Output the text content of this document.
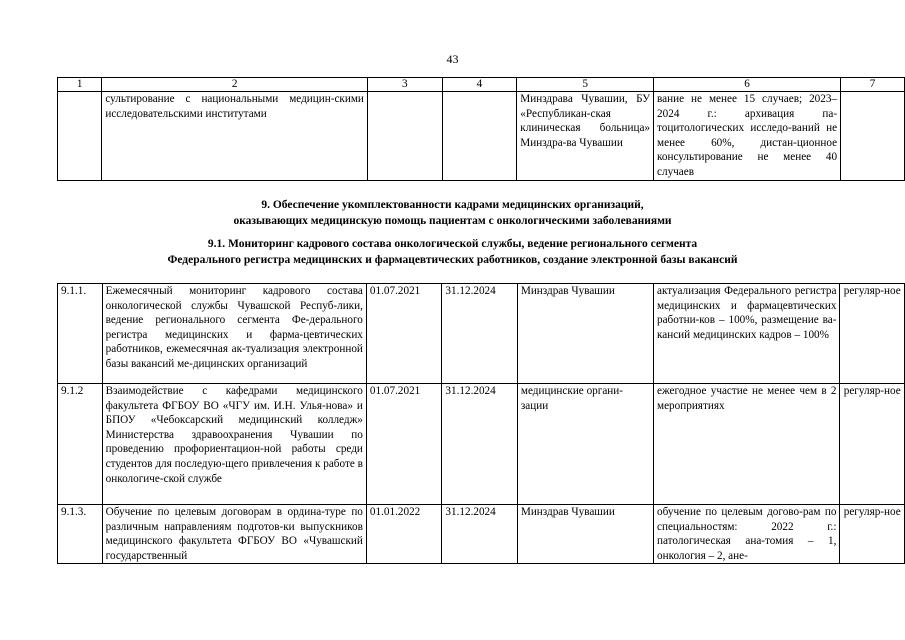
43
1	2	3	4	5	6	7
	сультирование с национальными медицин-скими исследовательскими институтами			Минздрава Чувашии, БУ «Республикан-ская клиническая больница» Минздра-ва Чувашии	вание не менее 15 случаев; 2023–2024 г.: архивация па-тоцитологических исследо-ваний не менее 60%, дистан-ционное консультирование не менее 40 случаев	
9. Обеспечение укомплектованности кадрами медицинских организаций,
оказывающих медицинскую помощь пациентам с онкологическими заболеваниями
9.1. Мониторинг кадрового состава онкологической службы, ведение регионального сегмента
Федерального регистра медицинских и фармацевтических работников, создание электронной базы вакансий
9.1.1.	Ежемесячный мониторинг кадрового состава онкологической службы Чувашской Респуб-лики, ведение регионального сегмента Фе-дерального регистра медицинских и фарма-цевтических работников, ежемесячная ак-туализация электронной базы вакансий ме-дицинских организаций	01.07.2021	31.12.2024	Минздрав Чувашии	актуализация Федерального регистра медицинских и фармацевтических работни-ков – 100%, размещение ва-кансий медицинских кадров – 100%	регуляр-ное
9.1.2	Взаимодействие с кафедрами медицинского факультета ФГБОУ ВО «ЧГУ им. И.Н. Улья-нова» и БПОУ «Чебоксарский медицинский колледж» Министерства здравоохранения Чувашии по проведению профориентацион-ной работы среди студентов для последую-щего привлечения к работе в онкологиче-ской службе	01.07.2021	31.12.2024	медицинские органи-зации	ежегодное участие не менее чем в 2 мероприятиях	регуляр-ное
9.1.3.	Обучение по целевым договорам в ордина-туре по различным направлениям подготов-ки выпускников медицинского факультета ФГБОУ ВО «Чувашский государственный	01.01.2022	31.12.2024	Минздрав Чувашии	обучение по целевым догово-рам по специальностям: 2022 г.: патологическая ана-томия – 1, онкология – 2, ане-	регуляр-ное
